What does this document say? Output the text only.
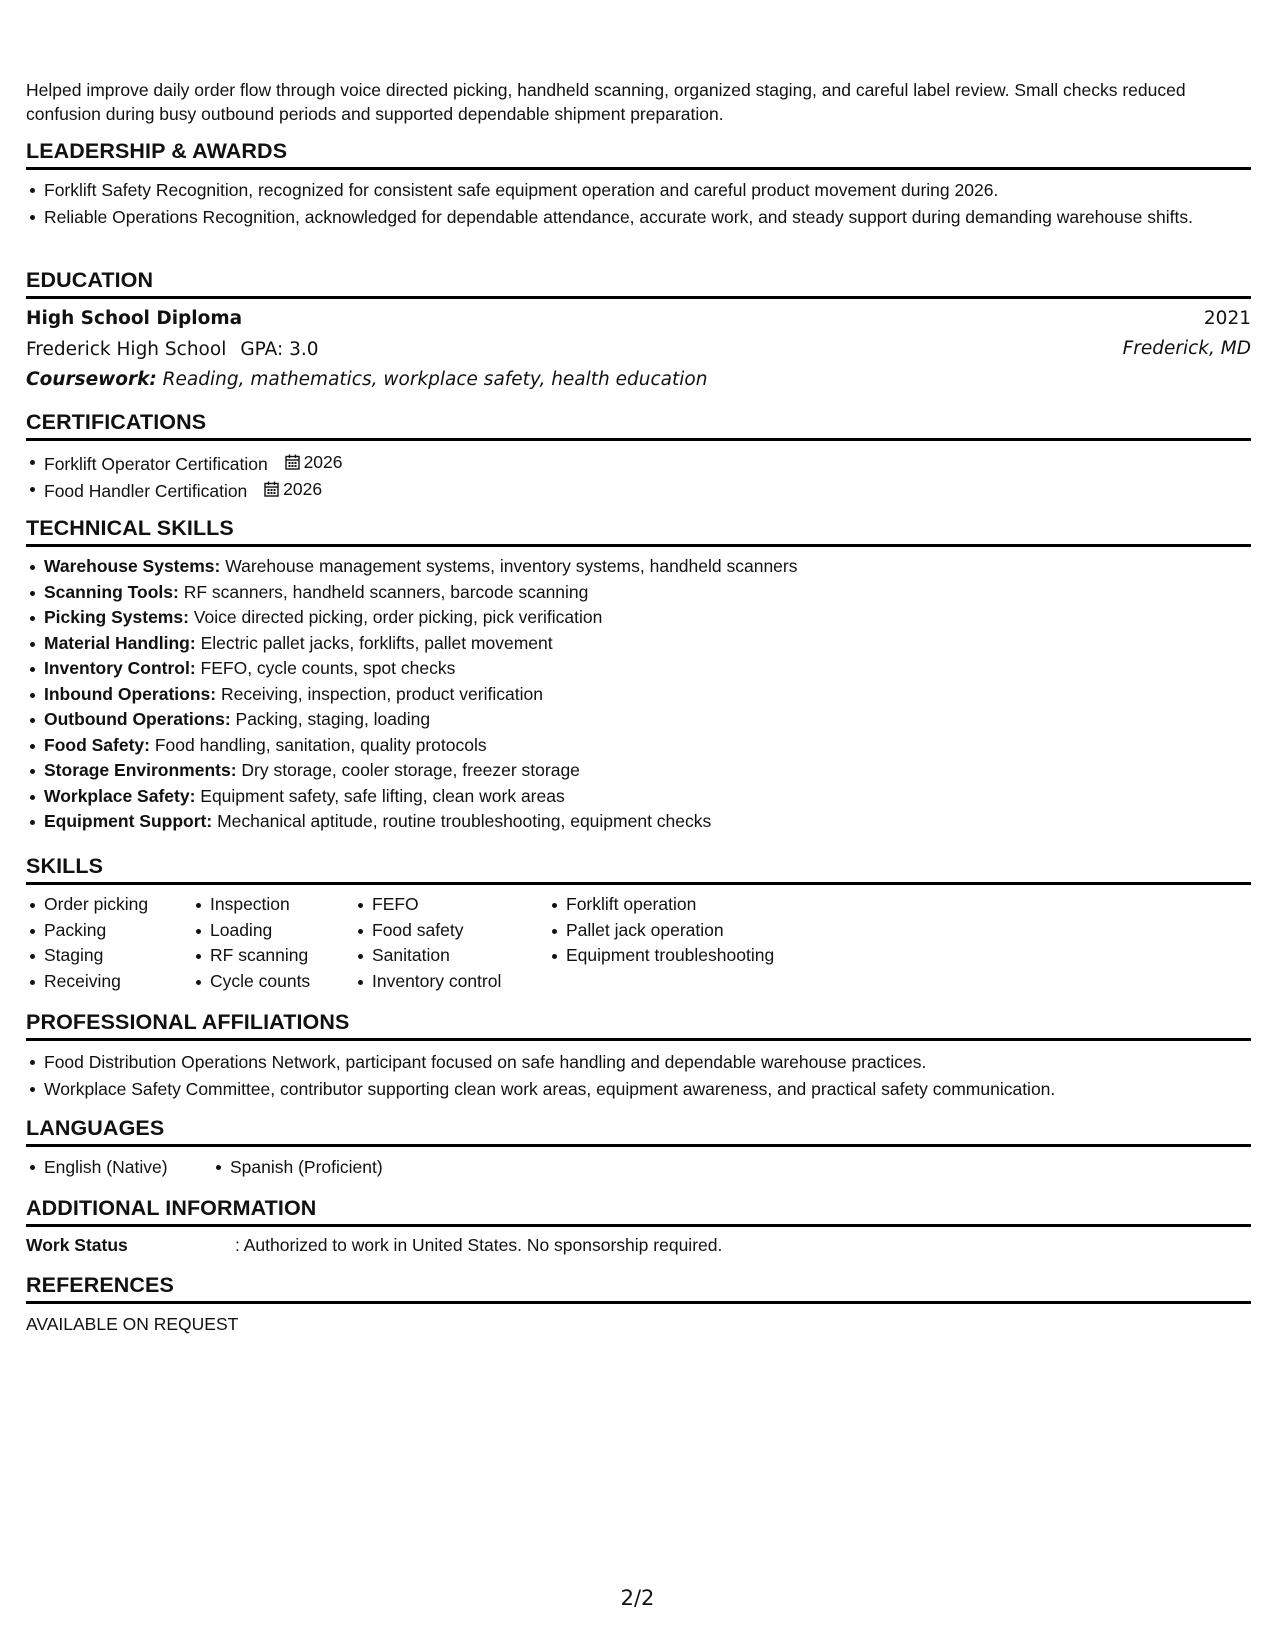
Helped improve daily order flow through voice directed picking, handheld scanning, organized staging, and careful label review. Small checks reduced confusion during busy outbound periods and supported dependable shipment preparation.

LEADERSHIP & AWARDS
Forklift Safety Recognition, recognized for consistent safe equipment operation and careful product movement during 2026.
Reliable Operations Recognition, acknowledged for dependable attendance, accurate work, and steady support during demanding warehouse shifts.
EDUCATION
High School Diploma	2021
Frederick High School GPA: 3.0	Frederick, MD
Coursework: Reading, mathematics, workplace safety, health education
CERTIFICATIONS
Forklift Operator Certification 2026
Food Handler Certification 2026
TECHNICAL SKILLS
Warehouse Systems: Warehouse management systems, inventory systems, handheld scanners
Scanning Tools: RF scanners, handheld scanners, barcode scanning
Picking Systems: Voice directed picking, order picking, pick verification
Material Handling: Electric pallet jacks, forklifts, pallet movement
Inventory Control: FEFO, cycle counts, spot checks
Inbound Operations: Receiving, inspection, product verification
Outbound Operations: Packing, staging, loading
Food Safety: Food handling, sanitation, quality protocols
Storage Environments: Dry storage, cooler storage, freezer storage
Workplace Safety: Equipment safety, safe lifting, clean work areas
Equipment Support: Mechanical aptitude, routine troubleshooting, equipment checks
SKILLS
Order picking
Packing
Staging
Receiving
Inspection
Loading
RF scanning
Cycle counts
FEFO
Food safety
Sanitation
Inventory control
Forklift operation
Pallet jack operation
Equipment troubleshooting
PROFESSIONAL AFFILIATIONS
Food Distribution Operations Network, participant focused on safe handling and dependable warehouse practices.
Workplace Safety Committee, contributor supporting clean work areas, equipment awareness, and practical safety communication.
LANGUAGES
English (Native)	Spanish (Proficient)
ADDITIONAL INFORMATION
Work Status	: Authorized to work in United States. No sponsorship required.
REFERENCES
AVAILABLE ON REQUEST
2/2
